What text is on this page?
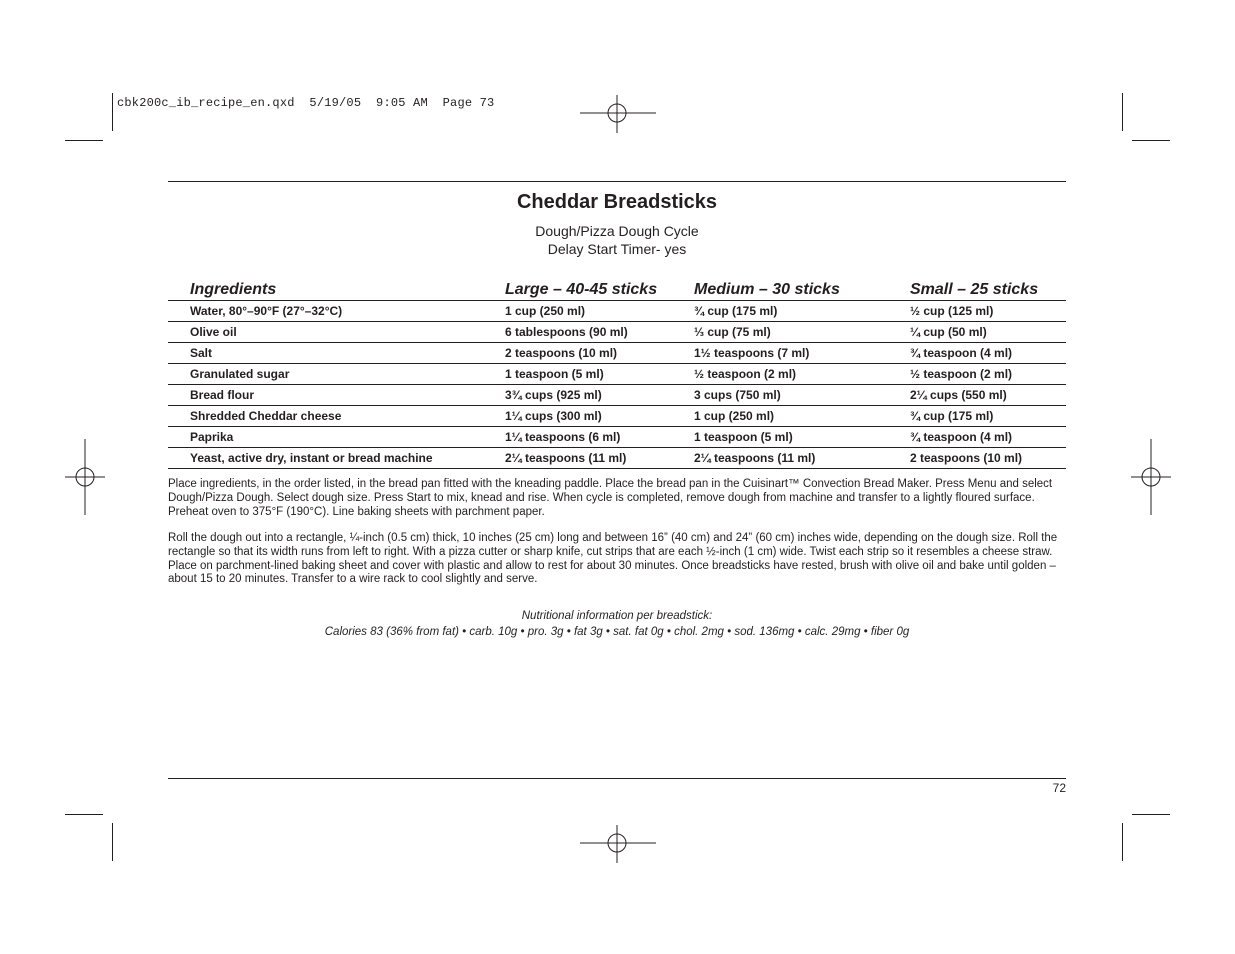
cbk200c_ib_recipe_en.qxd  5/19/05  9:05 AM  Page 73
Cheddar Breadsticks
Dough/Pizza Dough Cycle
Delay Start Timer- yes
Ingredients	Large – 40-45 sticks	Medium – 30 sticks	Small – 25 sticks
Water, 80°–90°F (27°–32°C)	1 cup (250 ml)	¾ cup (175 ml)	½ cup (125 ml)
Olive oil	6 tablespoons (90 ml)	⅓ cup (75 ml)	¼ cup (50 ml)
Salt	2 teaspoons (10 ml)	1½ teaspoons (7 ml)	¾ teaspoon (4 ml)
Granulated sugar	1 teaspoon (5 ml)	½ teaspoon (2 ml)	½ teaspoon (2 ml)
Bread flour	3¾ cups (925 ml)	3 cups (750 ml)	2¼ cups (550 ml)
Shredded Cheddar cheese	1¼ cups (300 ml)	1 cup (250 ml)	¾ cup (175 ml)
Paprika	1¼ teaspoons (6 ml)	1 teaspoon (5 ml)	¾ teaspoon (4 ml)
Yeast, active dry, instant or bread machine	2¼ teaspoons (11 ml)	2¼ teaspoons (11 ml)	2 teaspoons (10 ml)
Place ingredients, in the order listed, in the bread pan fitted with the kneading paddle. Place the bread pan in the Cuisinart™ Convection Bread Maker. Press Menu and select Dough/Pizza Dough. Select dough size. Press Start to mix, knead and rise. When cycle is completed, remove dough from machine and transfer to a lightly floured surface. Preheat oven to 375°F (190°C). Line baking sheets with parchment paper.
Roll the dough out into a rectangle, ¼-inch (0.5 cm) thick, 10 inches (25 cm) long and between 16” (40 cm) and 24” (60 cm) inches wide, depending on the dough size. Roll the rectangle so that its width runs from left to right. With a pizza cutter or sharp knife, cut strips that are each ½-inch (1 cm) wide. Twist each strip so it resembles a cheese straw. Place on parchment-lined baking sheet and cover with plastic and allow to rest for about 30 minutes. Once breadsticks have rested, brush with olive oil and bake until golden – about 15 to 20 minutes. Transfer to a wire rack to cool slightly and serve.
Nutritional information per breadstick:
Calories 83 (36% from fat) • carb. 10g • pro. 3g • fat 3g • sat. fat 0g • chol. 2mg • sod. 136mg • calc. 29mg • fiber 0g
72
